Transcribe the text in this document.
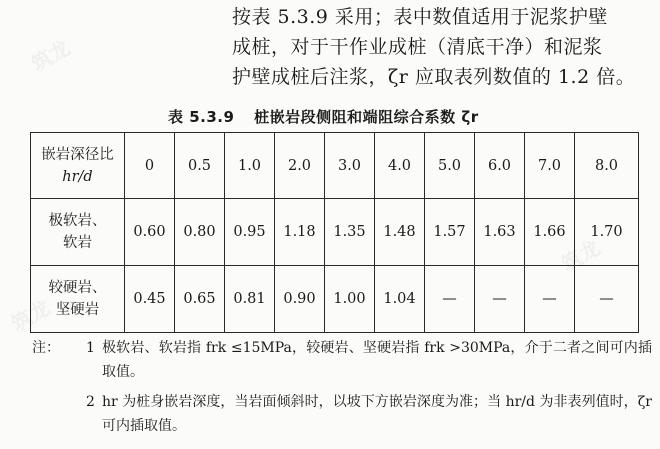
筑龙
筑龙
筑龙
按表 5.3.9 采用；表中数值适用于泥浆护壁
成桩，对于干作业成桩（清底干净）和泥浆
护壁成桩后注浆，ζr 应取表列数值的 1.2 倍。
表 5.3.9 桩嵌岩段侧阻和端阻综合系数 ζr
嵌岩深径比
hr/d	0	0.5	1.0	2.0	3.0	4.0	5.0	6.0	7.0	8.0

极软岩、
软岩	0.60	0.80	0.95	1.18	1.35	1.48	1.57	1.63	1.66	1.70

较硬岩、
坚硬岩	0.45	0.65	0.81	0.90	1.00	1.04	—	—	—	—
注： 1 极软岩、软岩指 frk ≤15MPa，较硬岩、坚硬岩指 frk >30MPa，介于二者之间可内插取值。
2 hr 为桩身嵌岩深度，当岩面倾斜时，以坡下方嵌岩深度为准；当 hr/d 为非表列值时，ζr 可内插取值。
